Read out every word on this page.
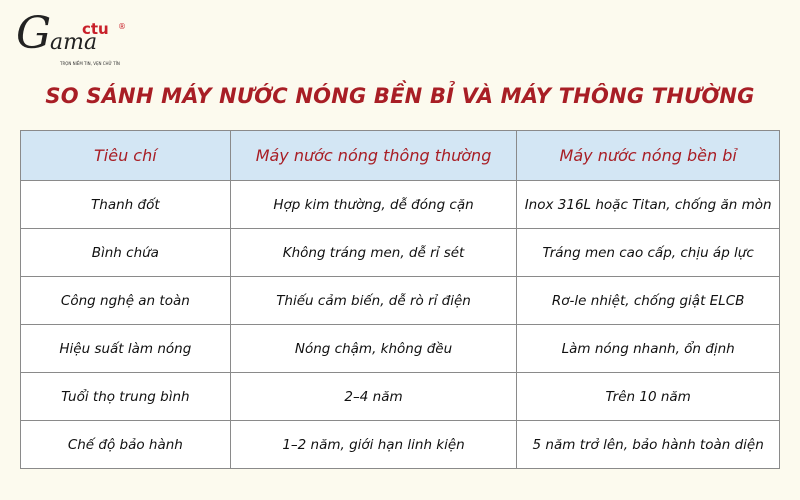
G
ama
ctu ®
TRỌN NIỀM TIN, VẸN CHỮ TÍN
SO SÁNH MÁY NƯỚC NÓNG BỀN BỈ VÀ MÁY THÔNG THƯỜNG
Tiêu chí	Máy nước nóng thông thường	Máy nước nóng bền bỉ
Thanh đốt	Hợp kim thường, dễ đóng cặn	Inox 316L hoặc Titan, chống ăn mòn
Bình chứa	Không tráng men, dễ rỉ sét	Tráng men cao cấp, chịu áp lực
Công nghệ an toàn	Thiếu cảm biến, dễ rò rỉ điện	Rơ-le nhiệt, chống giật ELCB
Hiệu suất làm nóng	Nóng chậm, không đều	Làm nóng nhanh, ổn định
Tuổi thọ trung bình	2–4 năm	Trên 10 năm
Chế độ bảo hành	1–2 năm, giới hạn linh kiện	5 năm trở lên, bảo hành toàn diện
